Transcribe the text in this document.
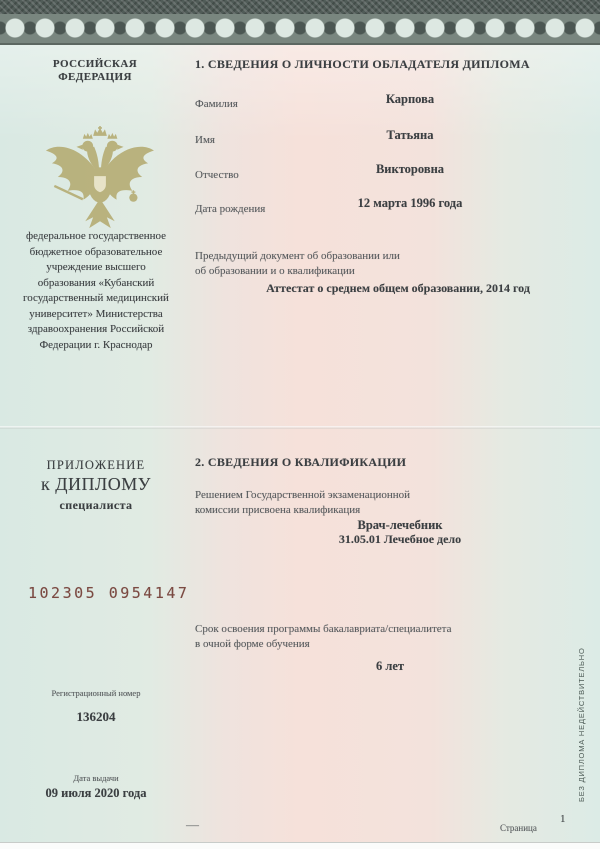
РОССИЙСКАЯ
ФЕДЕРАЦИЯ
федеральное государственное бюджетное образовательное учреждение высшего образования «Кубанский государственный медицинский университет» Министерства здравоохранения Российской Федерации г. Краснодар
ПРИЛОЖЕНИЕ
к ДИПЛОМУ
специалиста
102305 0954147
Регистрационный номер
136204
Дата выдачи
09 июля 2020 года
1. СВЕДЕНИЯ О ЛИЧНОСТИ ОБЛАДАТЕЛЯ ДИПЛОМА
Фамилия	Карпова
Имя	Татьяна
Отчество	Викторовна
Дата рождения	12 марта 1996 года
Предыдущий документ об образовании или
об образовании и о квалификации
Аттестат о среднем общем образовании, 2014 год
2. СВЕДЕНИЯ О КВАЛИФИКАЦИИ
Решением Государственной экзаменационной
комиссии присвоена квалификация
Врач-лечебник
31.05.01 Лечебное дело
Срок освоения программы бакалавриата/специалитета
в очной форме обучения
6 лет
—	Страница
1
БЕЗ ДИПЛОМА НЕДЕЙСТВИТЕЛЬНО
